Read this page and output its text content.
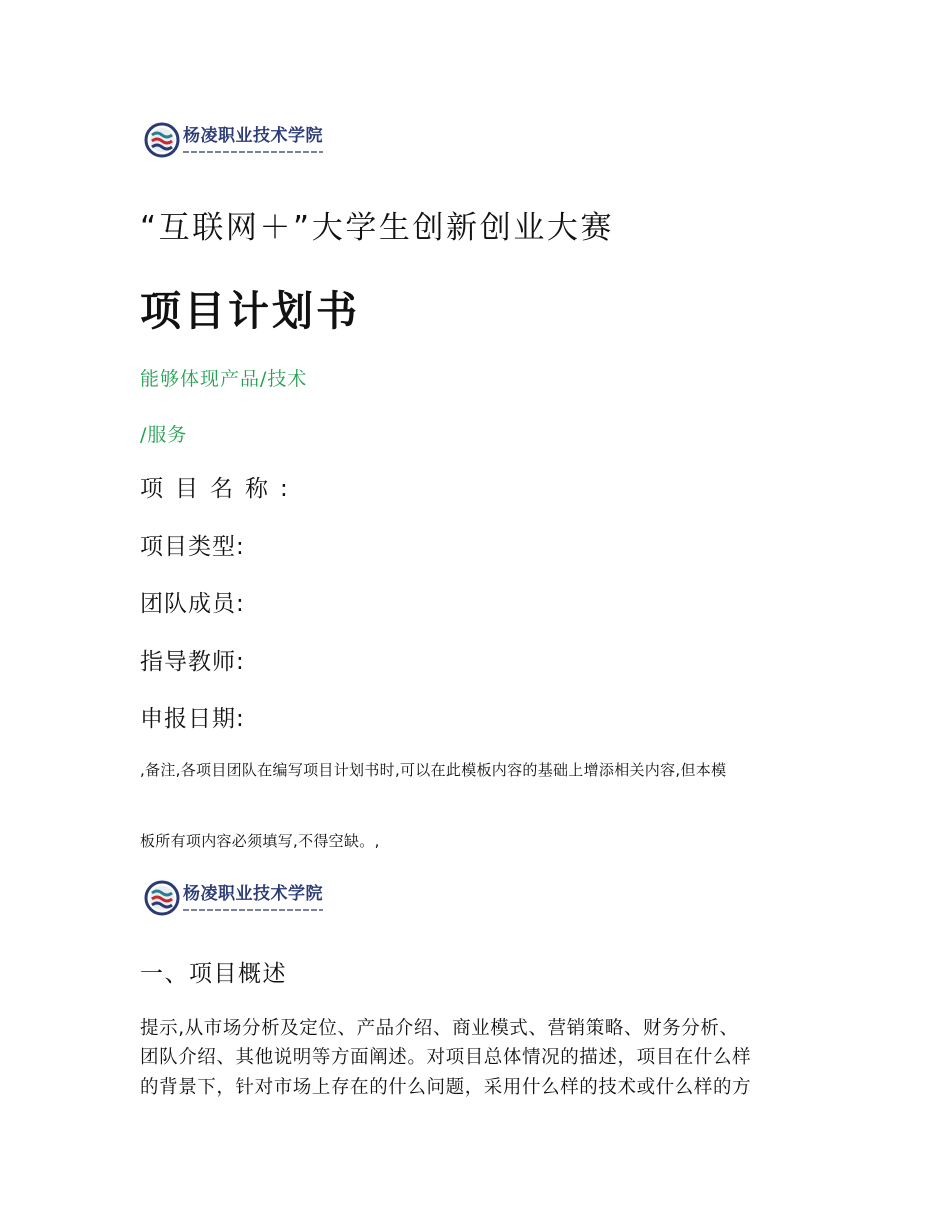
杨凌职业技术学院
“互联网＋”大学生创新创业大赛
项目计划书

能够体现产品/技术

/服务

项目名称:

项目类型:

团队成员:

指导教师:

申报日期:

,备注,各项目团队在编写项目计划书时,可以在此模板内容的基础上增添相关内容,但本模

板所有项内容必须填写,不得空缺。,

杨凌职业技术学院
一、项目概述

提示,从市场分析及定位、产品介绍、商业模式、营销策略、财务分析、

团队介绍、其他说明等方面阐述。对项目总体情况的描述，项目在什么样

的背景下，针对市场上存在的什么问题，采用什么样的技术或什么样的方
